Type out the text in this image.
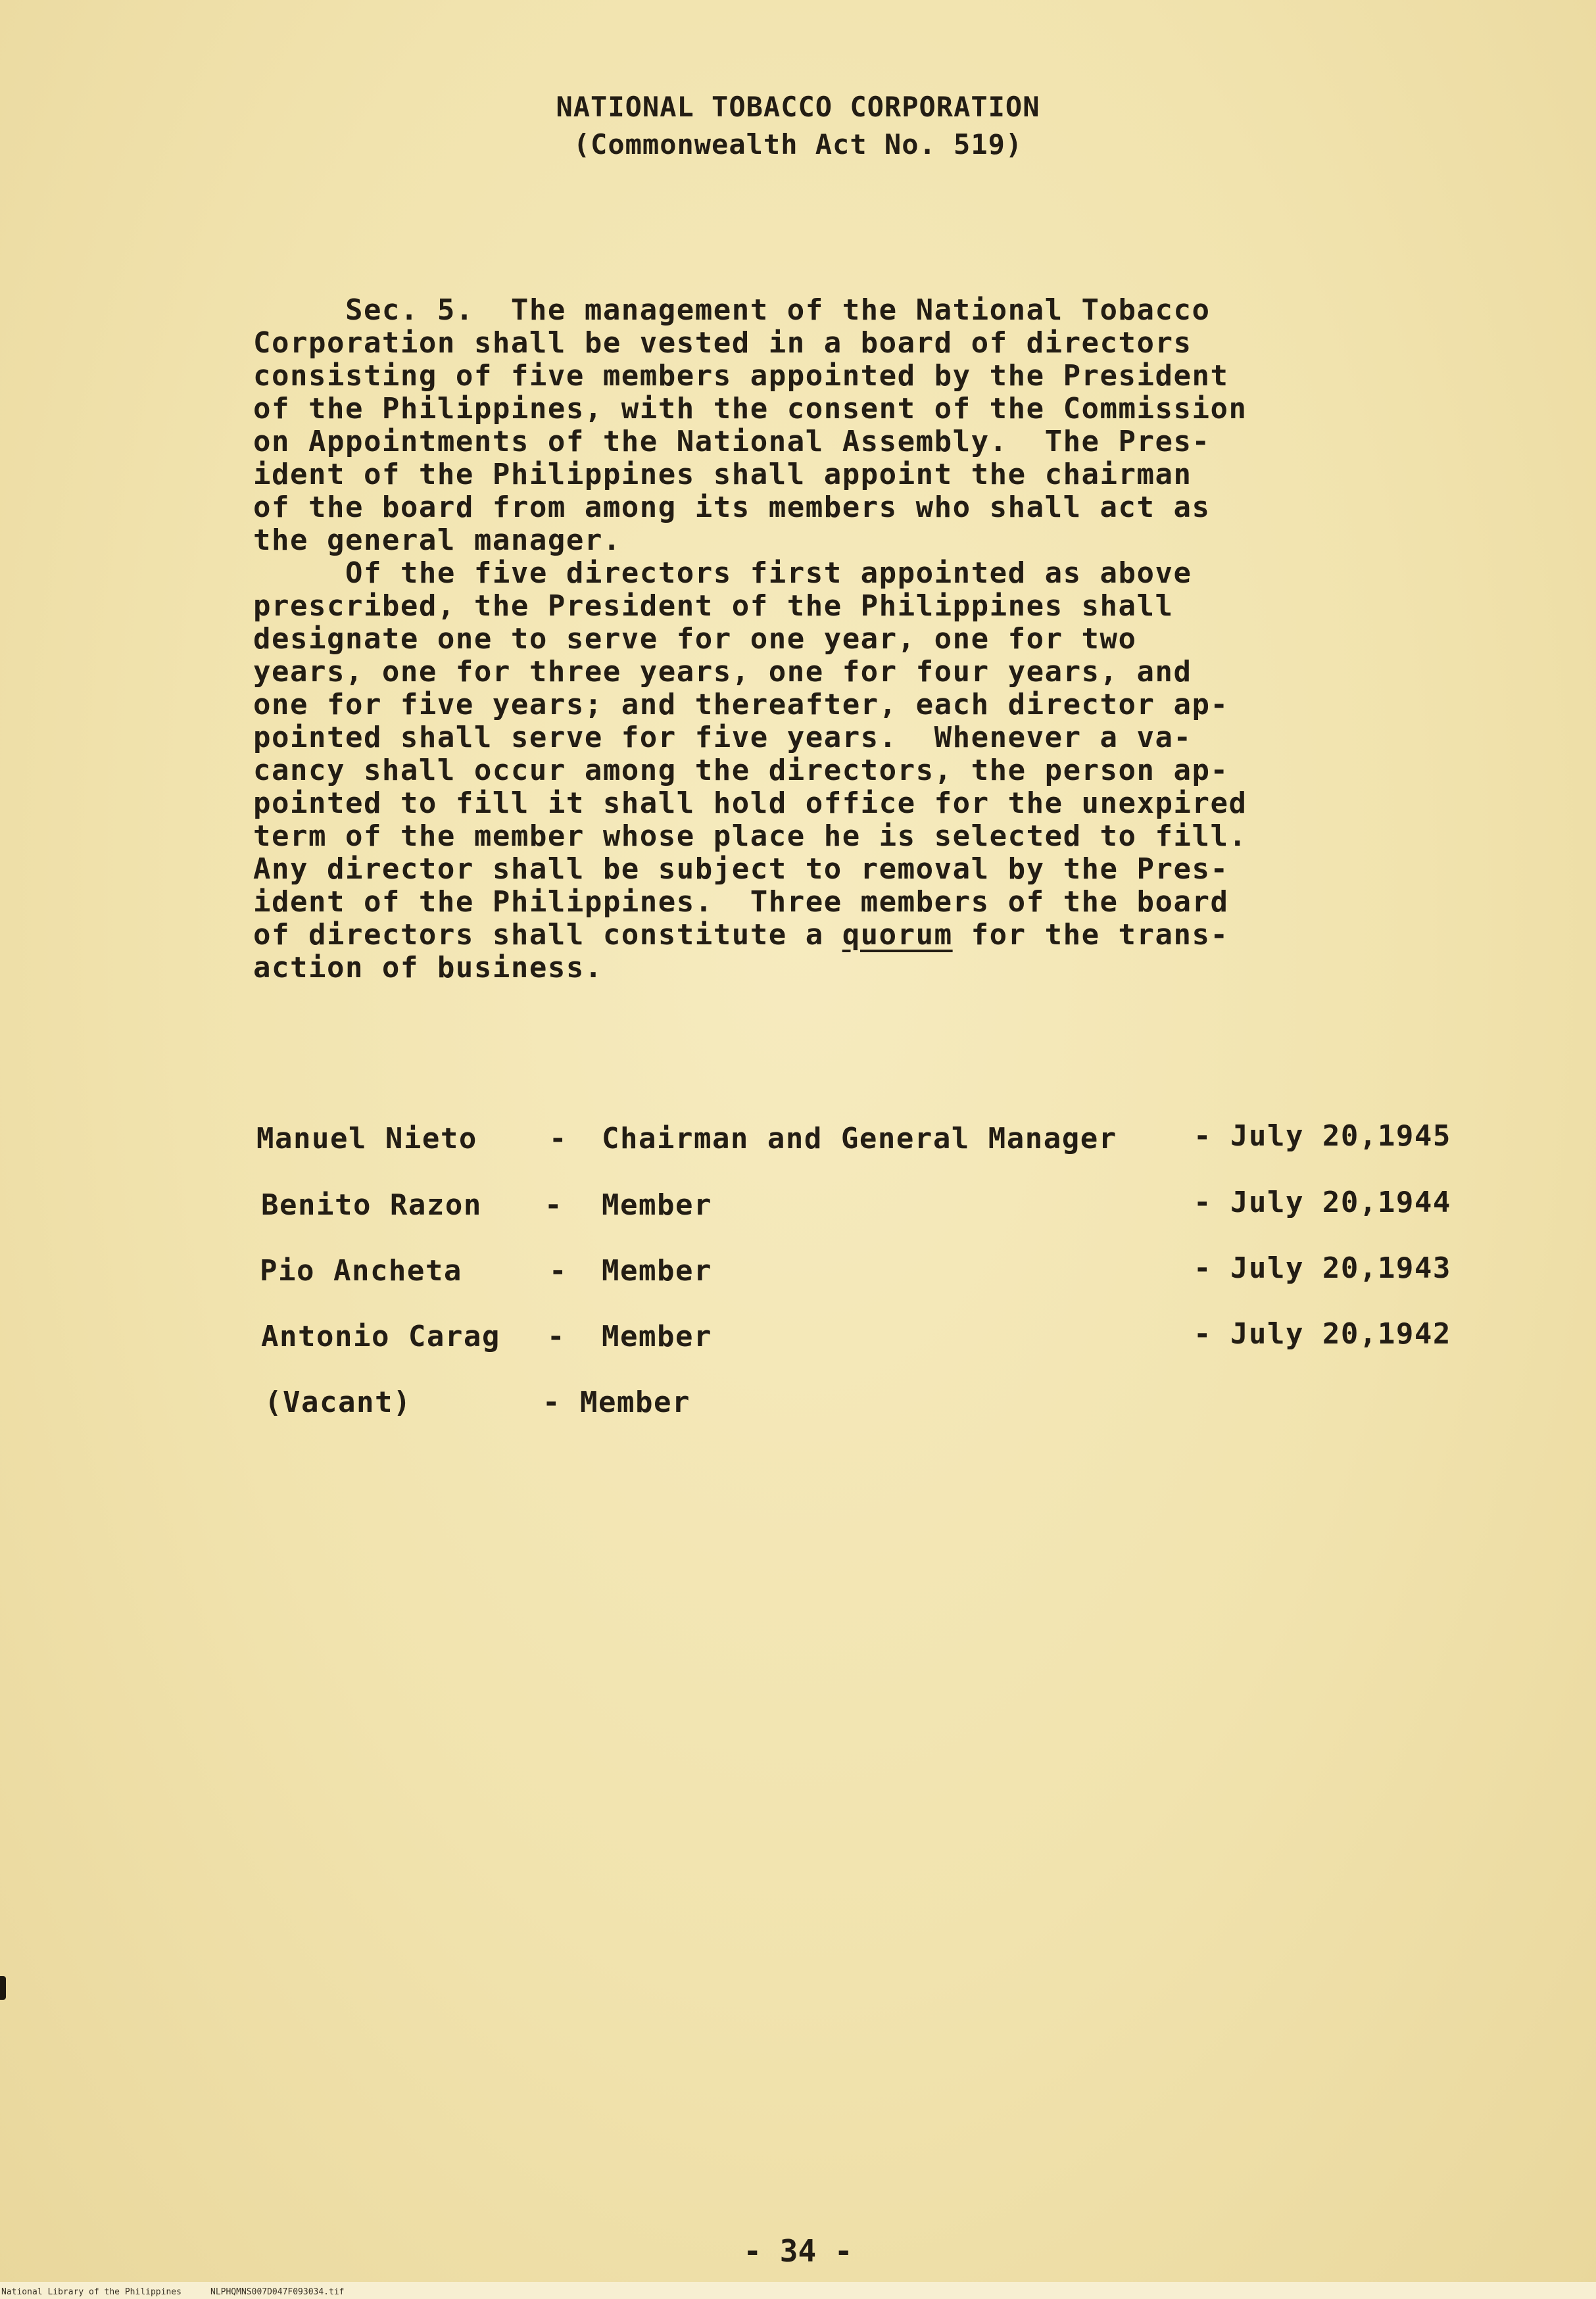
NATIONAL TOBACCO CORPORATION
(Commonwealth Act No. 519)
Sec. 5.  The management of the National Tobacco
Corporation shall be vested in a board of directors
consisting of five members appointed by the President
of the Philippines, with the consent of the Commission
on Appointments of the National Assembly.  The Pres-
ident of the Philippines shall appoint the chairman
of the board from among its members who shall act as
the general manager.
Of the five directors first appointed as above
prescribed, the President of the Philippines shall
designate one to serve for one year, one for two
years, one for three years, one for four years, and
one for five years; and thereafter, each director ap-
pointed shall serve for five years.  Whenever a va-
cancy shall occur among the directors, the person ap-
pointed to fill it shall hold office for the unexpired
term of the member whose place he is selected to fill.
Any director shall be subject to removal by the Pres-
ident of the Philippines.  Three members of the board
of directors shall constitute a quorum for the trans-
action of business.
Manuel Nieto - Chairman and General Manager	- July 20,1945
Benito Razon - Member	- July 20,1944
Pio Ancheta	- Member	- July 20,1943
Antonio Carag - Member	- July 20,1942
(Vacant)	- Member
- 34 -
National Library of the Philippines	NLPHQMNS007D047F093034.tif
